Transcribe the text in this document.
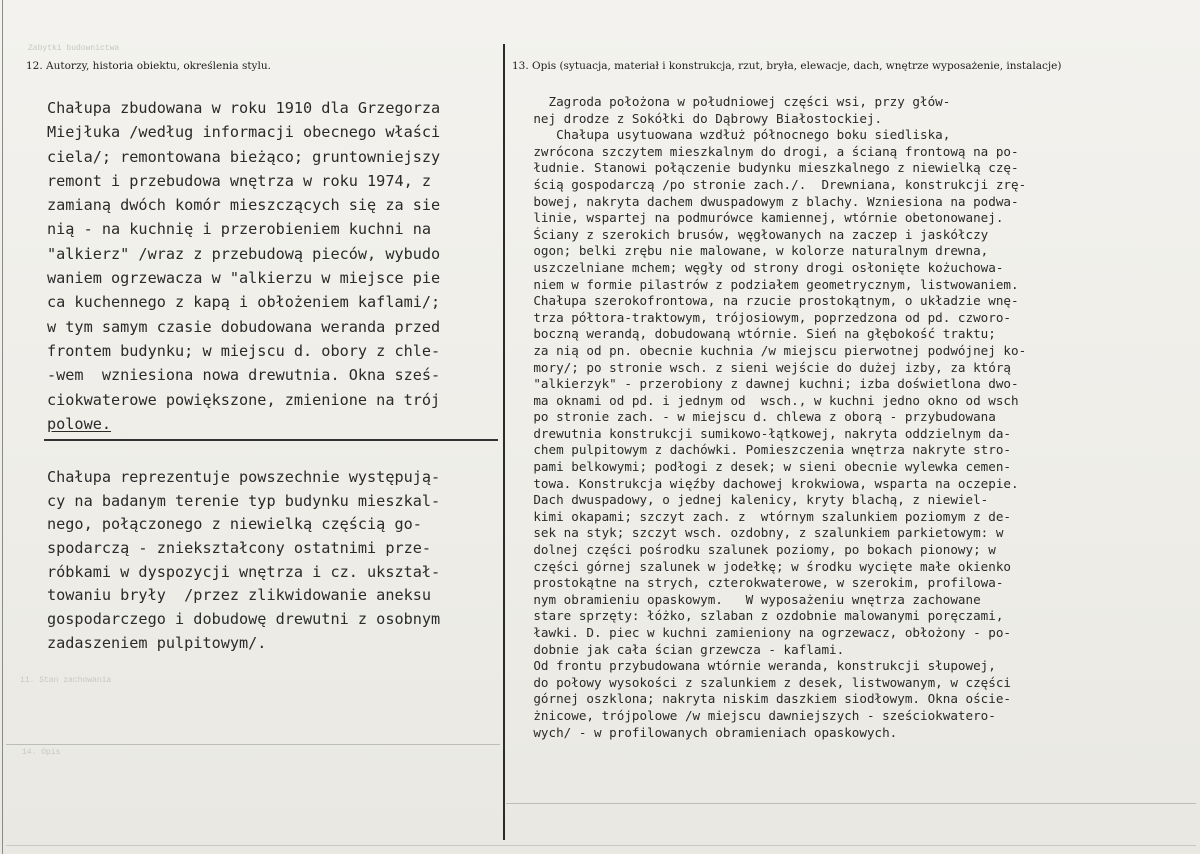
Zabytki budownictwa
11. Stan zachowania
14. Opis
12. Autorzy, historia obiektu, określenia stylu.	13. Opis (sytuacja, materiał i konstrukcja, rzut, bryła, elewacje, dach, wnętrze wyposażenie, instalacje)
Chałupa zbudowana w roku 1910 dla Grzegorza
Miejłuka /według informacji obecnego właści
ciela/; remontowana bieżąco; gruntowniejszy
remont i przebudowa wnętrza w roku 1974, z
zamianą dwóch komór mieszczących się za sie
nią - na kuchnię i przerobieniem kuchni na
"alkierz" /wraz z przebudową pieców, wybudo
waniem ogrzewacza w "alkierzu w miejsce pie
ca kuchennego z kapą i obłożeniem kaflami/;
w tym samym czasie dobudowana weranda przed
frontem budynku; w miejscu d. obory z chle-
-wem  wzniesiona nowa drewutnia. Okna sześ-
ciokwaterowe powiększone, zmienione na trój
polowe.
Chałupa reprezentuje powszechnie występują-
cy na badanym terenie typ budynku mieszkal-
nego, połączonego z niewielką częścią go-
spodarczą - zniekształcony ostatnimi prze-
róbkami w dyspozycji wnętrza i cz. ukształ-
towaniu bryły  /przez zlikwidowanie aneksu
gospodarczego i dobudowę drewutni z osobnym
zadaszeniem pulpitowym/.
Zagroda położona w południowej części wsi, przy głów-
nej drodze z Sokółki do Dąbrowy Białostockiej.
Chałupa usytuowana wzdłuż północnego boku siedliska,
zwrócona szczytem mieszkalnym do drogi, a ścianą frontową na po-
łudnie. Stanowi połączenie budynku mieszkalnego z niewielką czę-
ścią gospodarczą /po stronie zach./.  Drewniana, konstrukcji zrę-
bowej, nakryta dachem dwuspadowym z blachy. Wzniesiona na podwa-
linie, wspartej na podmurówce kamiennej, wtórnie obetonowanej.
Ściany z szerokich brusów, węgłowanych na zaczep i jaskółczy
ogon; belki zrębu nie malowane, w kolorze naturalnym drewna,
uszczelniane mchem; węgły od strony drogi osłonięte kożuchowa-
niem w formie pilastrów z podziałem geometrycznym, listwowaniem.
Chałupa szerokofrontowa, na rzucie prostokątnym, o układzie wnę-
trza półtora-traktowym, trójosiowym, poprzedzona od pd. czworo-
boczną werandą, dobudowaną wtórnie. Sień na głębokość traktu;
za nią od pn. obecnie kuchnia /w miejscu pierwotnej podwójnej ko-
mory/; po stronie wsch. z sieni wejście do dużej izby, za którą
"alkierzyk" - przerobiony z dawnej kuchni; izba doświetlona dwo-
ma oknami od pd. i jednym od  wsch., w kuchni jedno okno od wsch
po stronie zach. - w miejscu d. chlewa z oborą - przybudowana
drewutnia konstrukcji sumikowo-łątkowej, nakryta oddzielnym da-
chem pulpitowym z dachówki. Pomieszczenia wnętrza nakryte stro-
pami belkowymi; podłogi z desek; w sieni obecnie wylewka cemen-
towa. Konstrukcja więźby dachowej krokwiowa, wsparta na oczepie.
Dach dwuspadowy, o jednej kalenicy, kryty blachą, z niewiel-
kimi okapami; szczyt zach. z  wtórnym szalunkiem poziomym z de-
sek na styk; szczyt wsch. ozdobny, z szalunkiem parkietowym: w
dolnej części pośrodku szalunek poziomy, po bokach pionowy; w
części górnej szalunek w jodełkę; w środku wycięte małe okienko
prostokątne na strych, czterokwaterowe, w szerokim, profilowa-
nym obramieniu opaskowym.   W wyposażeniu wnętrza zachowane
stare sprzęty: łóżko, szlaban z ozdobnie malowanymi poręczami,
ławki. D. piec w kuchni zamieniony na ogrzewacz, obłożony - po-
dobnie jak cała ścian grzewcza - kaflami.
Od frontu przybudowana wtórnie weranda, konstrukcji słupowej,
do połowy wysokości z szalunkiem z desek, listwowanym, w części
górnej oszklona; nakryta niskim daszkiem siodłowym. Okna oście-
żnicowe, trójpolowe /w miejscu dawniejszych - sześciokwatero-
wych/ - w profilowanych obramieniach opaskowych.
